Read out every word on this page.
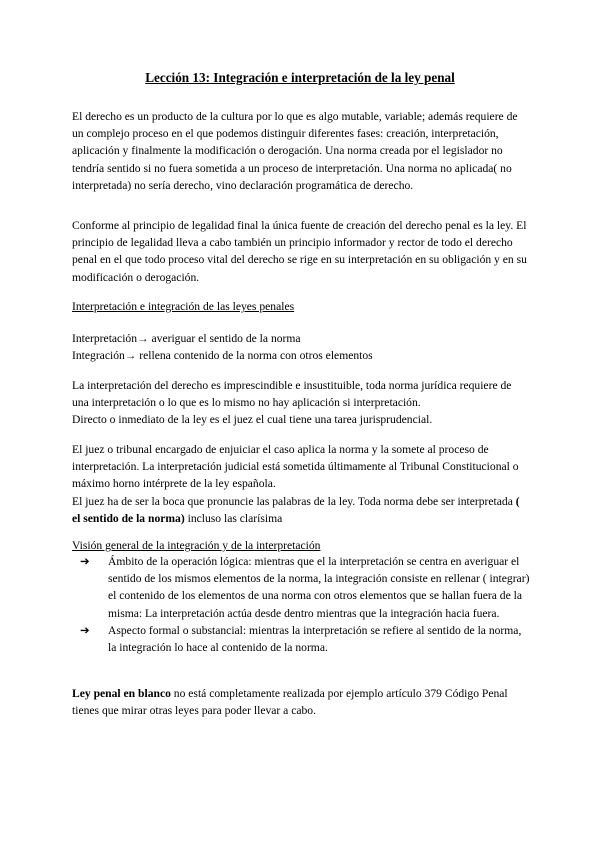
Lección 13: Integración e interpretación de la ley penal

El derecho es un producto de la cultura por lo que es algo mutable, variable; además requiere de un complejo proceso en el que podemos distinguir diferentes fases: creación, interpretación, aplicación y finalmente la modificación o derogación. Una norma creada por el legislador no tendría sentido si no fuera sometida a un proceso de interpretación. Una norma no aplicada( no interpretada) no sería derecho, vino declaración programática de derecho.

Conforme al principio de legalidad final la única fuente de creación del derecho penal es la ley. El principio de legalidad lleva a cabo también un principio informador y rector de todo el derecho penal en el que todo proceso vital del derecho se rige en su interpretación en su obligación y en su modificación o derogación.

Interpretación e integración de las leyes penales

Interpretación→ averiguar el sentido de la norma
Integración→ rellena contenido de la norma con otros elementos
La interpretación del derecho es imprescindible e insustituible, toda norma jurídica requiere de una interpretación o lo que es lo mismo no hay aplicación si interpretación.
Directo o inmediato de la ley es el juez el cual tiene una tarea jurisprudencial.
El juez o tribunal encargado de enjuiciar el caso aplica la norma y la somete al proceso de interpretación. La interpretación judicial está sometida últimamente al Tribunal Constitucional o máximo horno intérprete de la ley española.
El juez ha de ser la boca que pronuncie las palabras de la ley. Toda norma debe ser interpretada ( el sentido de la norma) incluso las clarísima

Visión general de la integración y de la interpretación

➔ Ámbito de la operación lógica: mientras que el la interpretación se centra en averiguar el sentido de los mismos elementos de la norma, la integración consiste en rellenar ( integrar) el contenido de los elementos de una norma con otros elementos que se hallan fuera de la misma: La interpretación actúa desde dentro mientras que la integración hacia fuera.
➔ Aspecto formal o substancial: mientras la interpretación se refiere al sentido de la norma, la integración lo hace al contenido de la norma.

Ley penal en blanco no está completamente realizada por ejemplo artículo 379 Código Penal tienes que mirar otras leyes para poder llevar a cabo.
